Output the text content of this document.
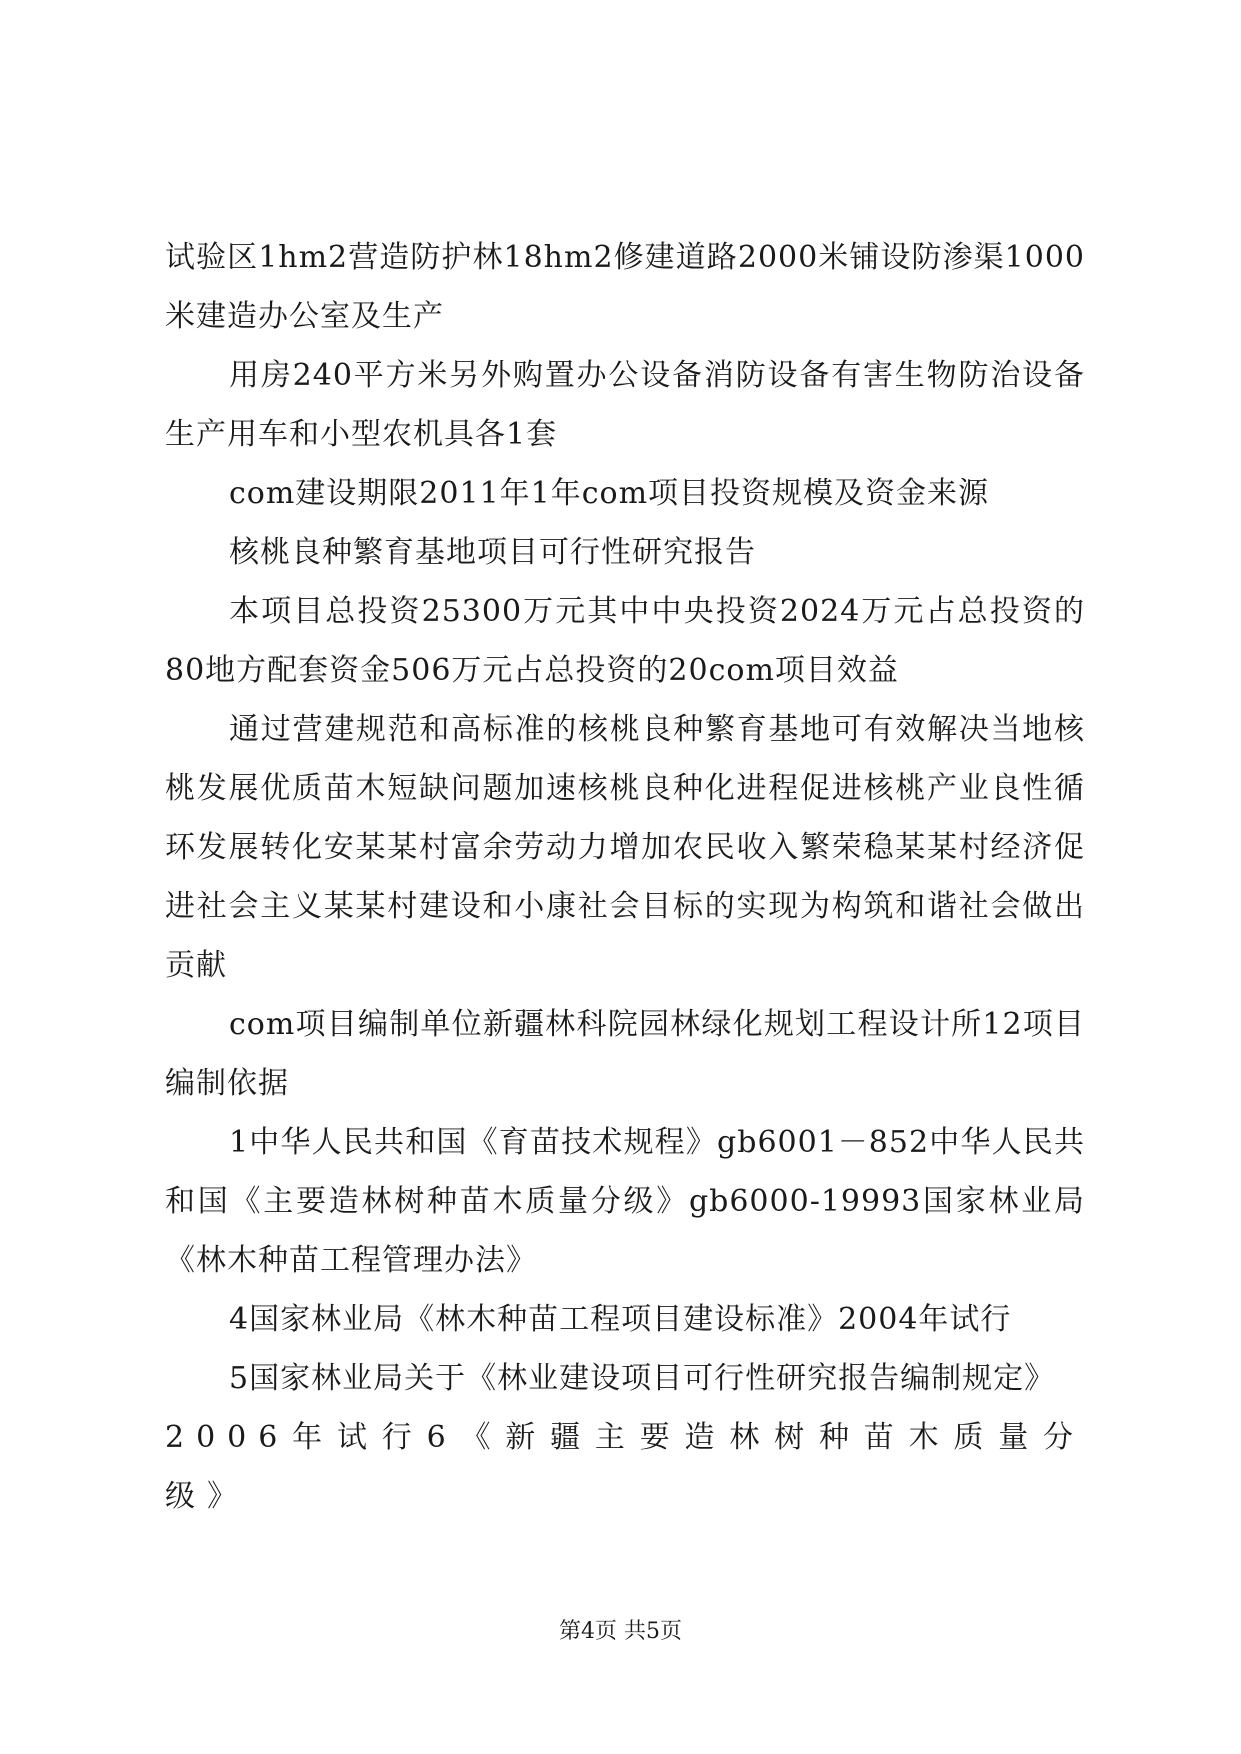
试验区1hm2营造防护林18hm2修建道路2000米铺设防渗渠1000米建造办公室及生产

用房240平方米另外购置办公设备消防设备有害生物防治设备生产用车和小型农机具各1套

com建设期限2011年1年com项目投资规模及资金来源

核桃良种繁育基地项目可行性研究报告

本项目总投资25300万元其中中央投资2024万元占总投资的80地方配套资金506万元占总投资的20com项目效益

通过营建规范和高标准的核桃良种繁育基地可有效解决当地核桃发展优质苗木短缺问题加速核桃良种化进程促进核桃产业良性循环发展转化安某某村富余劳动力增加农民收入繁荣稳某某村经济促进社会主义某某村建设和小康社会目标的实现为构筑和谐社会做出贡献

com项目编制单位新疆林科院园林绿化规划工程设计所12项目编制依据

1中华人民共和国《育苗技术规程》gb6001－852中华人民共和国《主要造林树种苗木质量分级》gb6000-19993国家林业局《林木种苗工程管理办法》

4国家林业局《林木种苗工程项目建设标准》2004年试行

5国家林业局关于《林业建设项目可行性研究报告编制规定》

2006年试行6《新疆主要造林树种苗木质量分级》

第4页 共5页
